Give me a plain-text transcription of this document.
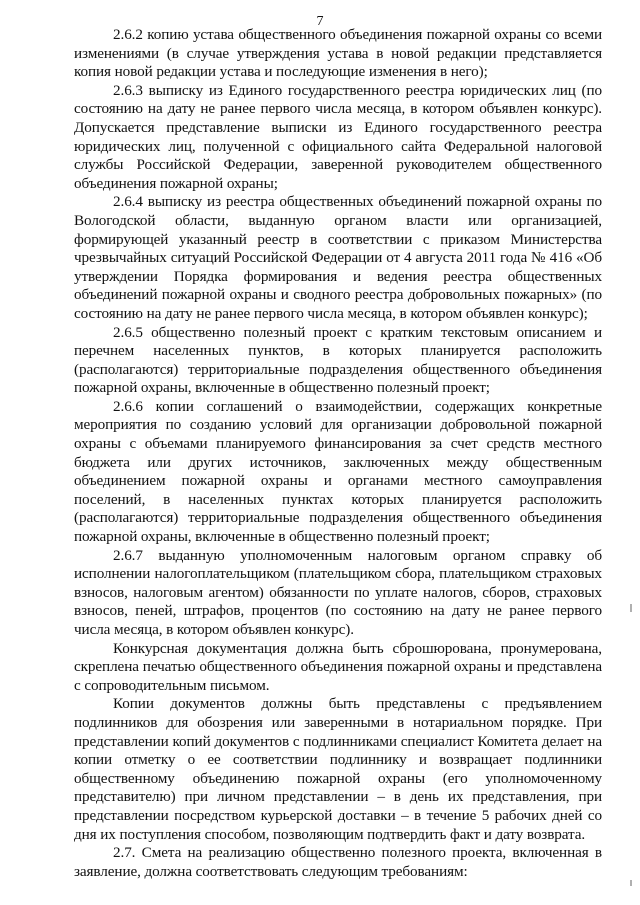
7

2.6.2 копию устава общественного объединения пожарной охраны со всеми изменениями (в случае утверждения устава в новой редакции представляется копия новой редакции устава и последующие изменения в него);

2.6.3 выписку из Единого государственного реестра юридических лиц (по состоянию на дату не ранее первого числа месяца, в котором объявлен конкурс). Допускается представление выписки из Единого государственного реестра юридических лиц, полученной с официального сайта Федеральной налоговой службы Российской Федерации, заверенной руководителем общественного объединения пожарной охраны;

2.6.4 выписку из реестра общественных объединений пожарной охраны по Вологодской области, выданную органом власти или организацией, формирующей указанный реестр в соответствии с приказом Министерства чрезвычайных ситуаций Российской Федерации от 4 августа 2011 года № 416 «Об утверждении Порядка формирования и ведения реестра общественных объединений пожарной охраны и сводного реестра добровольных пожарных» (по состоянию на дату не ранее первого числа месяца, в котором объявлен конкурс);

2.6.5 общественно полезный проект с кратким текстовым описанием и перечнем населенных пунктов, в которых планируется расположить (располагаются) территориальные подразделения общественного объединения пожарной охраны, включенные в общественно полезный проект;

2.6.6 копии соглашений о взаимодействии, содержащих конкретные мероприятия по созданию условий для организации добровольной пожарной охраны с объемами планируемого финансирования за счет средств местного бюджета или других источников, заключенных между общественным объединением пожарной охраны и органами местного самоуправления поселений, в населенных пунктах которых планируется расположить (располагаются) территориальные подразделения общественного объединения пожарной охраны, включенные в общественно полезный проект;

2.6.7 выданную уполномоченным налоговым органом справку об исполнении налогоплательщиком (плательщиком сбора, плательщиком страховых взносов, налоговым агентом) обязанности по уплате налогов, сборов, страховых взносов, пеней, штрафов, процентов (по состоянию на дату не ранее первого числа месяца, в котором объявлен конкурс).

Конкурсная документация должна быть сброшюрована, пронумерована, скреплена печатью общественного объединения пожарной охраны и представлена с сопроводительным письмом.

Копии документов должны быть представлены с предъявлением подлинников для обозрения или заверенными в нотариальном порядке. При представлении копий документов с подлинниками специалист Комитета делает на копии отметку о ее соответствии подлиннику и возвращает подлинники общественному объединению пожарной охраны (его уполномоченному представителю) при личном представлении – в день их представления, при представлении посредством курьерской доставки – в течение 5 рабочих дней со дня их поступления способом, позволяющим подтвердить факт и дату возврата.

2.7. Смета на реализацию общественно полезного проекта, включенная в заявление, должна соответствовать следующим требованиям:
